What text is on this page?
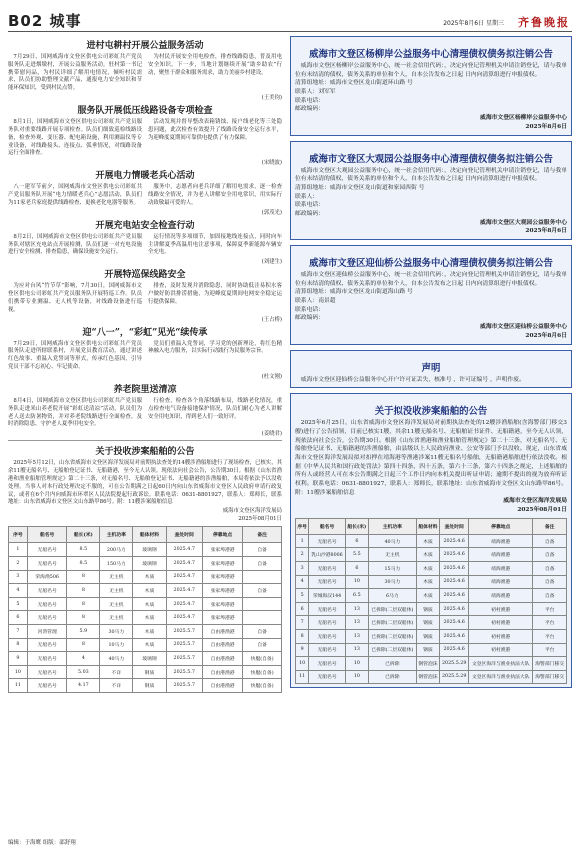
B02 城事	2025年8月6日 星期三 齐鲁晚报
进村屯耕村开展公益服务活动

7月29日，国网威海市文登区供电公司彩虹共产党员服务队走进烟墩村，开展公益服务活动。驻村第一书记携带慰问品，为村民详细了解用电情况，倾听村民需求，队员们协助整理文献产品，通报电力安全知识和节能环保知识，受到村民点赞。

为村民开展安全用电检查，排查线路隐患，普及用电安全知识。下一步，当地计划继续开展“助乡助农”行动，聚焦于群众和服务需求，助力美丽乡村建设。

(王美钧)
服务队开展低压线路设备专项检查

8月1日，国网威海市文登区供电公司彩虹共产党员服务队对重要线路开展专项检查。队员们细致巡检线路设备，检查外观、变压器、配电箱设施，利用测温仪等专业设备，对线路接头、连接点、弧垂情况，对线路设备运行全面排查。

活动发现并督导整改表箱锈蚀、接户线老化等三处隐患问题，此次检查有效提升了线路设备安全运行水平，为迎峰度夏期间可靠供电提供了有力保障。

(宋晓波)
开展电力情暖老兵心活动

八一建军节前夕，国网威海市文登区供电公司彩虹共产党员服务队开展“电力情暖老兵心”志愿活动，队员们为11家老兵家庭提供线路检查、更换老化电器等服务。

服务中，志愿者向老兵详细了解用电需求，逐一检查线路安全情况，并为老人讲解安全用电常识，用实际行动致敬最可爱的人。

(郭茂光)
开展充电站安全检查行动

8月2日，国网威海市文登区供电公司彩虹共产党员服务队对辖区充电站点开展检测，队员们逐一对充电设施进行安全检测，排查隐患，确保设施安全运行。

运行情况等多项细节，加固接地线连接点，同时向车主讲解夏季高温用电注意事项，保障夏季新能源车辆安全充电。

(刘建生)
开展特巡保线路安全

为应对台风“竹节草”影响，7月30日，国网威海市文登区供电公司彩虹共产党员服务队开展特巡工作。队员们携带专业测温、无人机等设备，对线路设备进行巡视。

排查，及时发现并消除隐患，同时协助低洼易积水客户做好防洪排涝措施，为迎峰度夏期间电网安全稳定运行提供保障。

(王占桥)
迎“八一”，“彩虹”见光“续传承

7月29日，国网威海市文登区供电公司彩虹共产党员服务队走进所辖联系村，开展党员教育活动，通过讲述红色故事、重温入党誓词等形式，传承红色基因，引导党员干部不忘初心、牢记使命。

党员们重温入党誓词，学习党的创新理论，将红色精神融入电力服务，以实际行动践行为民服务宗旨。

(杜文刚)
养老院里送清凉

8月4日，国网威海市文登区供电公司彩虹共产党员服务队走进米山养老院开展“彩虹送清凉”活动，队员们为老人送去防暑物资，并对养老院线路进行全面检查，及时消除隐患，守护老人夏季用电安全。

行检查，检查各个角落线路布局，线路老化情况，重点检查电气设备接地保护情况，队员们耐心为老人讲解安全用电知识，得到老人们一致好评。

(姜晓君)
关于投收涉案船舶的公告

2025年5月12日，山东省威海市文登区海洋发展局对前期执法查处的14艘涉渔船舶进行了现场检查，已核实，其余11艘无船名号、无船舶登记证书、无船籍港，至今无人认领。现依法向社会公告，公告期30日。根据《山东省渔港和渔业船舶管理规定》第二十三条，对无船名号、无船舶登记证书、无船籍港的涉渔船舶，本局将依法予以没收处理。当事人对本行政处理决定不服的，可在公告期满之日起60日内向山东省威海市文登区人民政府申请行政复议，或者在6个月内向威海市环翠区人民法院提起行政诉讼。联系电话：0631-8801927，联系人：郑师长，联系地址：山东省威海市文登区文山东路甲86号。附：11艘涉案船舶信息

威海市文登区海洋发展局
2025年08月01日
序号	船名号	船长(米)	主机功率	船体材料	查处时间	停靠地点	备注
1	无船名号	8.5	200马力	玻璃钢	2025.4.7	张家埠港港	自备
2	无船名号	8.5	150马力	玻璃钢	2025.4.7	张家埠港港	自备
3	荣海渔506	8	无主机	木质	2025.4.7	张家埠港港	
4	无船名号	8	无主机	木质	2025.4.7	张家埠港港	自备
5	无船名号	8	无主机	木质	2025.4.7	张家埠港港	
6	无船名号	8	无主机	木质	2025.4.7	张家埠港港	
7	河湾管理	5.9	30马力	木质	2025.5.7	自由港渔港	自备
8	无船名号	8	10马力	木质	2025.5.7	自由港渔港	自备
9	无船名号	4	40马力	玻璃钢	2025.5.7	自由港渔港	快艇(自备)
10	无船名号	5.03	不详	钢质	2025.5.7	自由港渔港	快艇(自备)
11	无船名号	4.17	不详	钢质	2025.5.7	自由港渔港	快艇(自备)
威海市文登区杨柳岸公益服务中心清理债权债务拟注销公告

威海市文登区杨柳岸公益服务中心，统一社会信用代码：，决定向登记管理机关申请注销登记，请与我单位有未结清的债权、债务关系的单位和个人，自本公告发布之日起 日内向清算组进行申报债权。

清算组地址：威海市文登区龙山街道环山路 号
联系人：刘军军
联系电话：
邮政编码：
威海市文登区杨柳岸公益服务中心
2025年8月6日
威海市文登区大观园公益服务中心清理债权债务拟注销公告

威海市文登区大观园公益服务中心，统一社会信用代码：，决定向登记管理机关申请注销登记，请与我单位有未结清的债权、债务关系的单位和个人，自本公告发布之日起 日内向清算组进行申报债权。

清算组地址：威海市文登区龙山街道和家园西街 号
联系人：
联系电话：
邮政编码：
威海市文登区大观园公益服务中心
2025年8月6日
威海市文登区迎仙桥公益服务中心清理债权债务拟注销公告

威海市文登区迎仙桥公益服务中心，统一社会信用代码：，决定向登记管理机关申请注销登记，请与我单位有未结清的债权、债务关系的单位和个人，自本公告发布之日起 日内向清算组进行申报债权。

清算组地址：威海市文登区龙山街道海山路 号
联系人：南景超
联系电话：
邮政编码：
威海市文登区迎仙桥公益服务中心
2025年8月6日
声明

威海市文登区迎仙桥公益服务中心开户许可证丢失，核准号 ，许可证编号 ，声明作废。

关于拟没收涉案船舶的公告

2025年6月25日，山东省威海市文登区海洋发展局对前期执法查处的12艘涉渔船舶(含海警部门移交3艘)进行了公告招领，目前已核实1艘，其余11艘无船名号、无船舶证书证件、无船籍港，至今无人认领，现依法向社会公告，公告期30日。根据《山东省渔港和渔业船舶管理规定》第二十三条，对无船名号、无船舶登记证书、无船籍港的涉渔船舶，由县级以上人民政府渔业、公安等部门予以没收。现定，山东省威海市文登区海洋发展局拟对扣押在靖海港等渔港涉案11艘无船名号船舶，无船籍港船舶进行依法没收。根据《中华人民共和国行政处罚法》第四十四条、四十五条，第六十三条，第六十四条之规定，上述船舶的所有人或经营人可在本公告期满之日起三个工作日内向本机关提出听证申请；逾期不提出的视为放弃听证权利。联系电话：0631-8801927，联系人：郑师长，联系地址：山东省威海市文登区文山东路甲86号。附：11艘涉案船舶信息

威海市文登区海洋发展局
2025年08月01日
序号	船名号	船长(米)	主机功率	船体材料	查处时间	停靠地点	备注
1	无船名号	6	40马力	木质	2025.4.6	靖海渔港	自备
2	乳山沙港8006	5.5	无主机	木质	2025.4.6	靖海渔港	自备
3	无船名号	6	15马力	木质	2025.4.6	靖海渔港	自备
4	无船名号	10	30马力	木质	2025.4.6	靖海渔港	自备
5	荣城海汉144	6.5	6马力	木质	2025.4.6	靖海渔港	自备
6	无船名号	13	已拆除(二层双船体)	钢质	2025.4.6	初村渔港	平台
7	无船名号	13	已拆除(二层双船体)	钢质	2025.4.6	初村渔港	平台
8	无船名号	13	已拆除(二层双船体)	钢质	2025.4.6	初村渔港	平台
9	无船名号	13	已拆除(二层双船体)	钢质	2025.4.6	初村渔港	平台
10	无船名号	10	已拆除	钢管泡沫	2025.5.29	文登区海洋与渔业执法大队	海警部门移交
11	无船名号	10	已拆除	钢管泡沫	2025.5.29	文登区海洋与渔业执法大队	海警部门移交
编辑：于海鹰 组版：邵舒翔
